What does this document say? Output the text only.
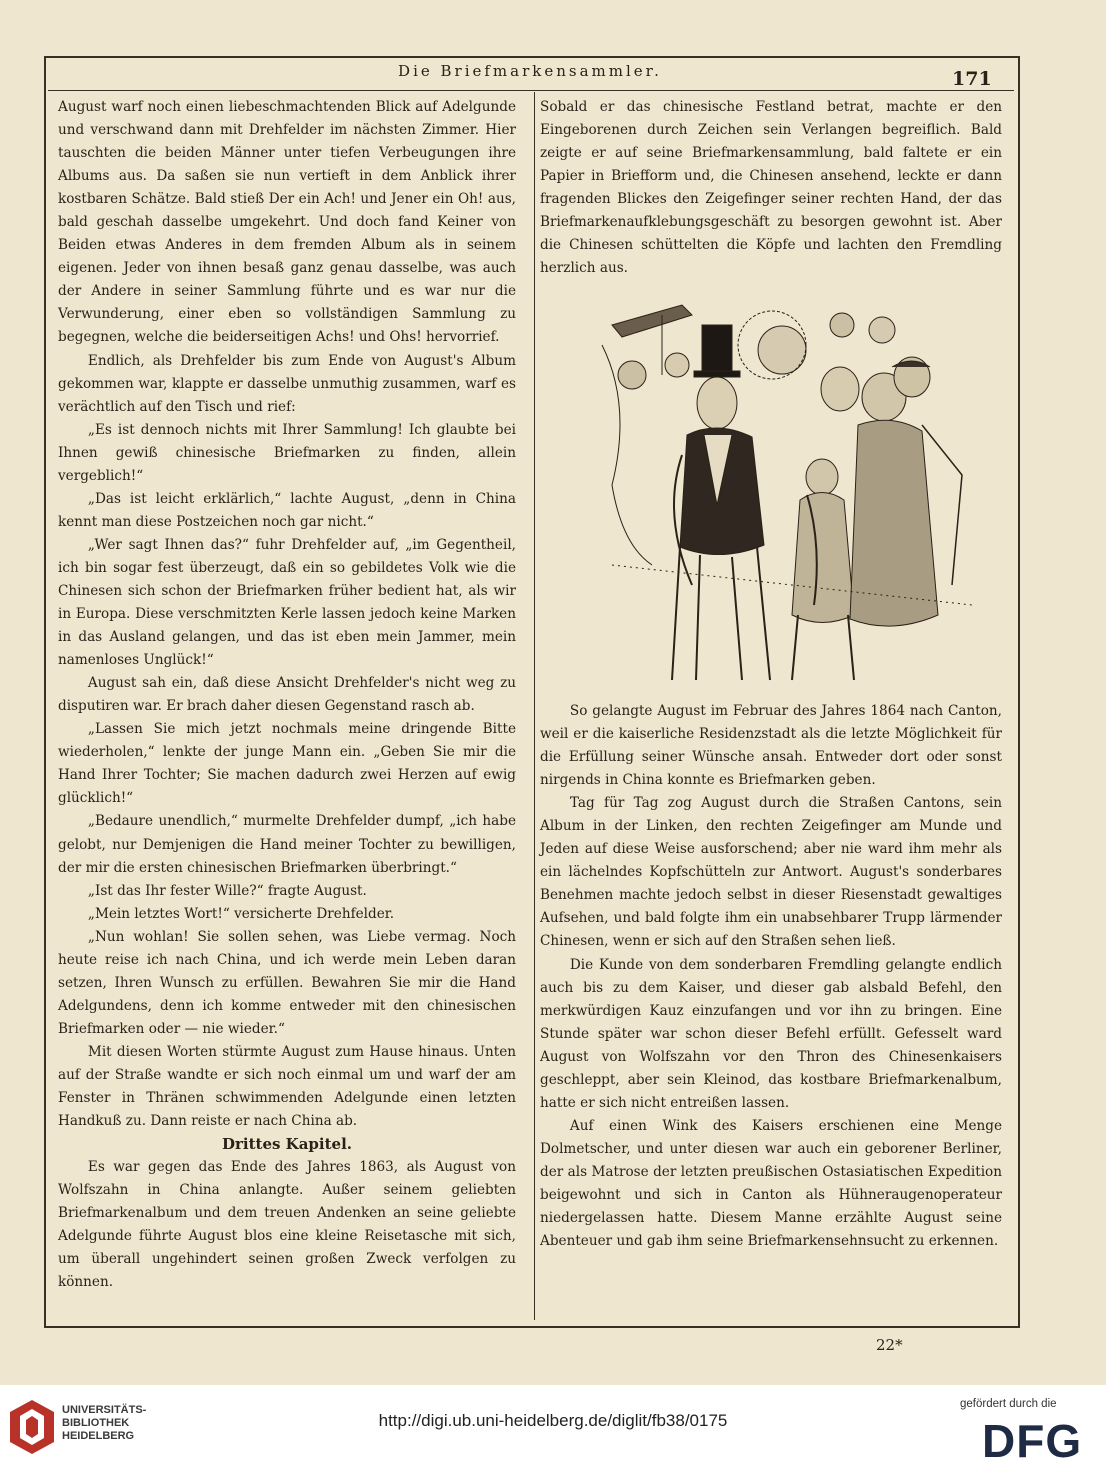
Die Briefmarkensammler.	171

August warf noch einen liebeschmachtenden Blick auf Adelgunde und verschwand dann mit Drehfelder im nächsten Zimmer. Hier tauschten die beiden Männer unter tiefen Verbeugungen ihre Albums aus. Da saßen sie nun vertieft in dem Anblick ihrer kostbaren Schätze. Bald stieß Der ein Ach! und Jener ein Oh! aus, bald geschah dasselbe umgekehrt. Und doch fand Keiner von Beiden etwas Anderes in dem fremden Album als in seinem eigenen. Jeder von ihnen besaß ganz genau dasselbe, was auch der Andere in seiner Sammlung führte und es war nur die Verwunderung, einer eben so vollständigen Sammlung zu begegnen, welche die beiderseitigen Achs! und Ohs! hervorrief.

Endlich, als Drehfelder bis zum Ende von August's Album gekommen war, klappte er dasselbe unmuthig zusammen, warf es verächtlich auf den Tisch und rief:

„Es ist dennoch nichts mit Ihrer Sammlung! Ich glaubte bei Ihnen gewiß chinesische Briefmarken zu finden, allein vergeblich!“

„Das ist leicht erklärlich,“ lachte August, „denn in China kennt man diese Postzeichen noch gar nicht.“

„Wer sagt Ihnen das?“ fuhr Drehfelder auf, „im Gegentheil, ich bin sogar fest überzeugt, daß ein so gebildetes Volk wie die Chinesen sich schon der Briefmarken früher bedient hat, als wir in Europa. Diese verschmitzten Kerle lassen jedoch keine Marken in das Ausland gelangen, und das ist eben mein Jammer, mein namenloses Unglück!“

August sah ein, daß diese Ansicht Drehfelder's nicht weg zu disputiren war. Er brach daher diesen Gegenstand rasch ab.

„Lassen Sie mich jetzt nochmals meine dringende Bitte wiederholen,“ lenkte der junge Mann ein. „Geben Sie mir die Hand Ihrer Tochter; Sie machen dadurch zwei Herzen auf ewig glücklich!“

„Bedaure unendlich,“ murmelte Drehfelder dumpf, „ich habe gelobt, nur Demjenigen die Hand meiner Tochter zu bewilligen, der mir die ersten chinesischen Briefmarken überbringt.“

„Ist das Ihr fester Wille?“ fragte August.

„Mein letztes Wort!“ versicherte Drehfelder.

„Nun wohlan! Sie sollen sehen, was Liebe vermag. Noch heute reise ich nach China, und ich werde mein Leben daran setzen, Ihren Wunsch zu erfüllen. Bewahren Sie mir die Hand Adelgundens, denn ich komme entweder mit den chinesischen Briefmarken oder — nie wieder.“

Mit diesen Worten stürmte August zum Hause hinaus. Unten auf der Straße wandte er sich noch einmal um und warf der am Fenster in Thränen schwimmenden Adelgunde einen letzten Handkuß zu. Dann reiste er nach China ab.

Drittes Kapitel.

Es war gegen das Ende des Jahres 1863, als August von Wolfszahn in China anlangte. Außer seinem geliebten Briefmarkenalbum und dem treuen Andenken an seine geliebte Adelgunde führte August blos eine kleine Reisetasche mit sich, um überall ungehindert seinen großen Zweck verfolgen zu können.

Sobald er das chinesische Festland betrat, machte er den Eingeborenen durch Zeichen sein Verlangen begreiflich. Bald zeigte er auf seine Briefmarkensammlung, bald faltete er ein Papier in Briefform und, die Chinesen ansehend, leckte er dann fragenden Blickes den Zeigefinger seiner rechten Hand, der das Briefmarkenaufklebungsgeschäft zu besorgen gewohnt ist. Aber die Chinesen schüttelten die Köpfe und lachten den Fremdling herzlich aus.

So gelangte August im Februar des Jahres 1864 nach Canton, weil er die kaiserliche Residenzstadt als die letzte Möglichkeit für die Erfüllung seiner Wünsche ansah. Entweder dort oder sonst nirgends in China konnte es Briefmarken geben.

Tag für Tag zog August durch die Straßen Cantons, sein Album in der Linken, den rechten Zeigefinger am Munde und Jeden auf diese Weise ausforschend; aber nie ward ihm mehr als ein lächelndes Kopfschütteln zur Antwort. August's sonderbares Benehmen machte jedoch selbst in dieser Riesenstadt gewaltiges Aufsehen, und bald folgte ihm ein unabsehbarer Trupp lärmender Chinesen, wenn er sich auf den Straßen sehen ließ.

Die Kunde von dem sonderbaren Fremdling gelangte endlich auch bis zu dem Kaiser, und dieser gab alsbald Befehl, den merkwürdigen Kauz einzufangen und vor ihn zu bringen. Eine Stunde später war schon dieser Befehl erfüllt. Gefesselt ward August von Wolfszahn vor den Thron des Chinesenkaisers geschleppt, aber sein Kleinod, das kostbare Briefmarkenalbum, hatte er sich nicht entreißen lassen.

Auf einen Wink des Kaisers erschienen eine Menge Dolmetscher, und unter diesen war auch ein geborener Berliner, der als Matrose der letzten preußischen Ostasiatischen Expedition beigewohnt und sich in Canton als Hühneraugenoperateur niedergelassen hatte. Diesem Manne erzählte August seine Abenteuer und gab ihm seine Briefmarkensehnsucht zu erkennen.

22*
UNIVERSITÄTS-
BIBLIOTHEK
HEIDELBERG
http://digi.ub.uni-heidelberg.de/diglit/fb38/0175
gefördert durch die
DFG
